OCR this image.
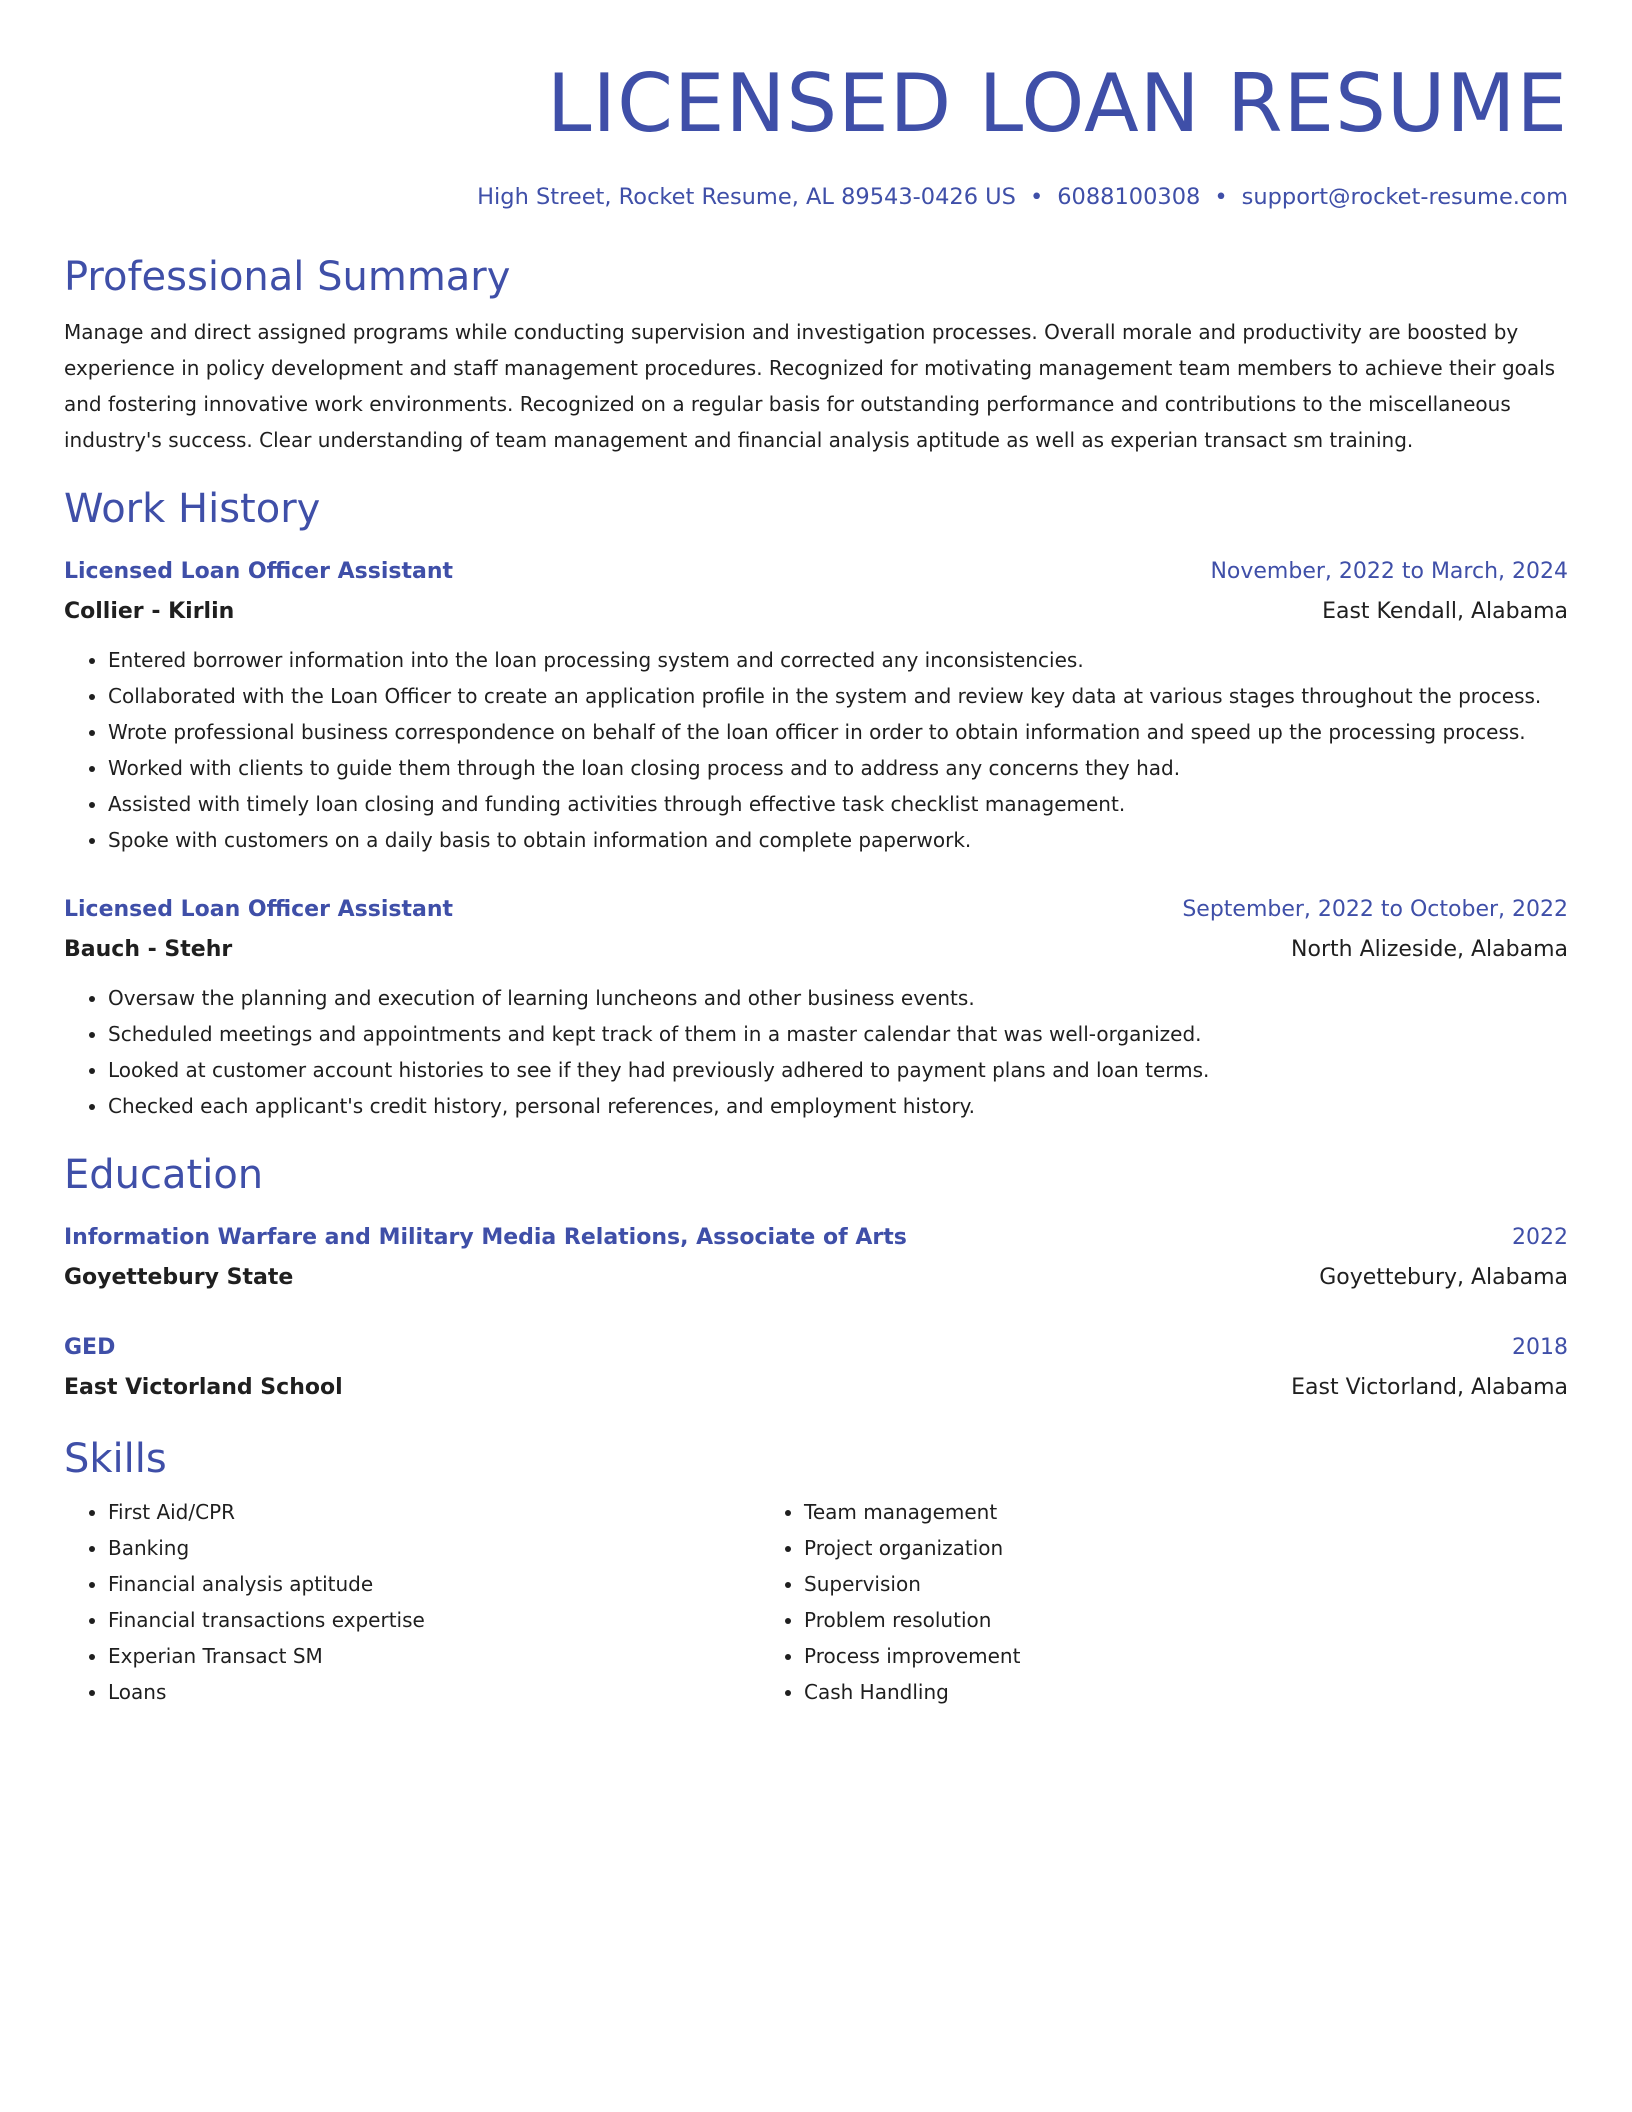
LICENSED LOAN RESUME
High Street, Rocket Resume, AL 89543-0426 US • 6088100308 • support@rocket-resume.com
Professional Summary
Manage and direct assigned programs while conducting supervision and investigation processes. Overall morale and productivity are boosted by experience in policy development and staff management procedures. Recognized for motivating management team members to achieve their goals and fostering innovative work environments. Recognized on a regular basis for outstanding performance and contributions to the miscellaneous industry's success. Clear understanding of team management and financial analysis aptitude as well as experian transact sm training.
Work History
Licensed Loan Officer Assistant	November, 2022 to March, 2024
Collier - Kirlin	East Kendall, Alabama
• Entered borrower information into the loan processing system and corrected any inconsistencies.
• Collaborated with the Loan Officer to create an application profile in the system and review key data at various stages throughout the process.
• Wrote professional business correspondence on behalf of the loan officer in order to obtain information and speed up the processing process.
• Worked with clients to guide them through the loan closing process and to address any concerns they had.
• Assisted with timely loan closing and funding activities through effective task checklist management.
• Spoke with customers on a daily basis to obtain information and complete paperwork.
Licensed Loan Officer Assistant	September, 2022 to October, 2022
Bauch - Stehr	North Alizeside, Alabama
• Oversaw the planning and execution of learning luncheons and other business events.
• Scheduled meetings and appointments and kept track of them in a master calendar that was well-organized.
• Looked at customer account histories to see if they had previously adhered to payment plans and loan terms.
• Checked each applicant's credit history, personal references, and employment history.
Education
Information Warfare and Military Media Relations, Associate of Arts	2022
Goyettebury State	Goyettebury, Alabama
GED	2018
East Victorland School	East Victorland, Alabama
Skills
• First Aid/CPR
• Banking
• Financial analysis aptitude
• Financial transactions expertise
• Experian Transact SM
• Loans
• Team management
• Project organization
• Supervision
• Problem resolution
• Process improvement
• Cash Handling
